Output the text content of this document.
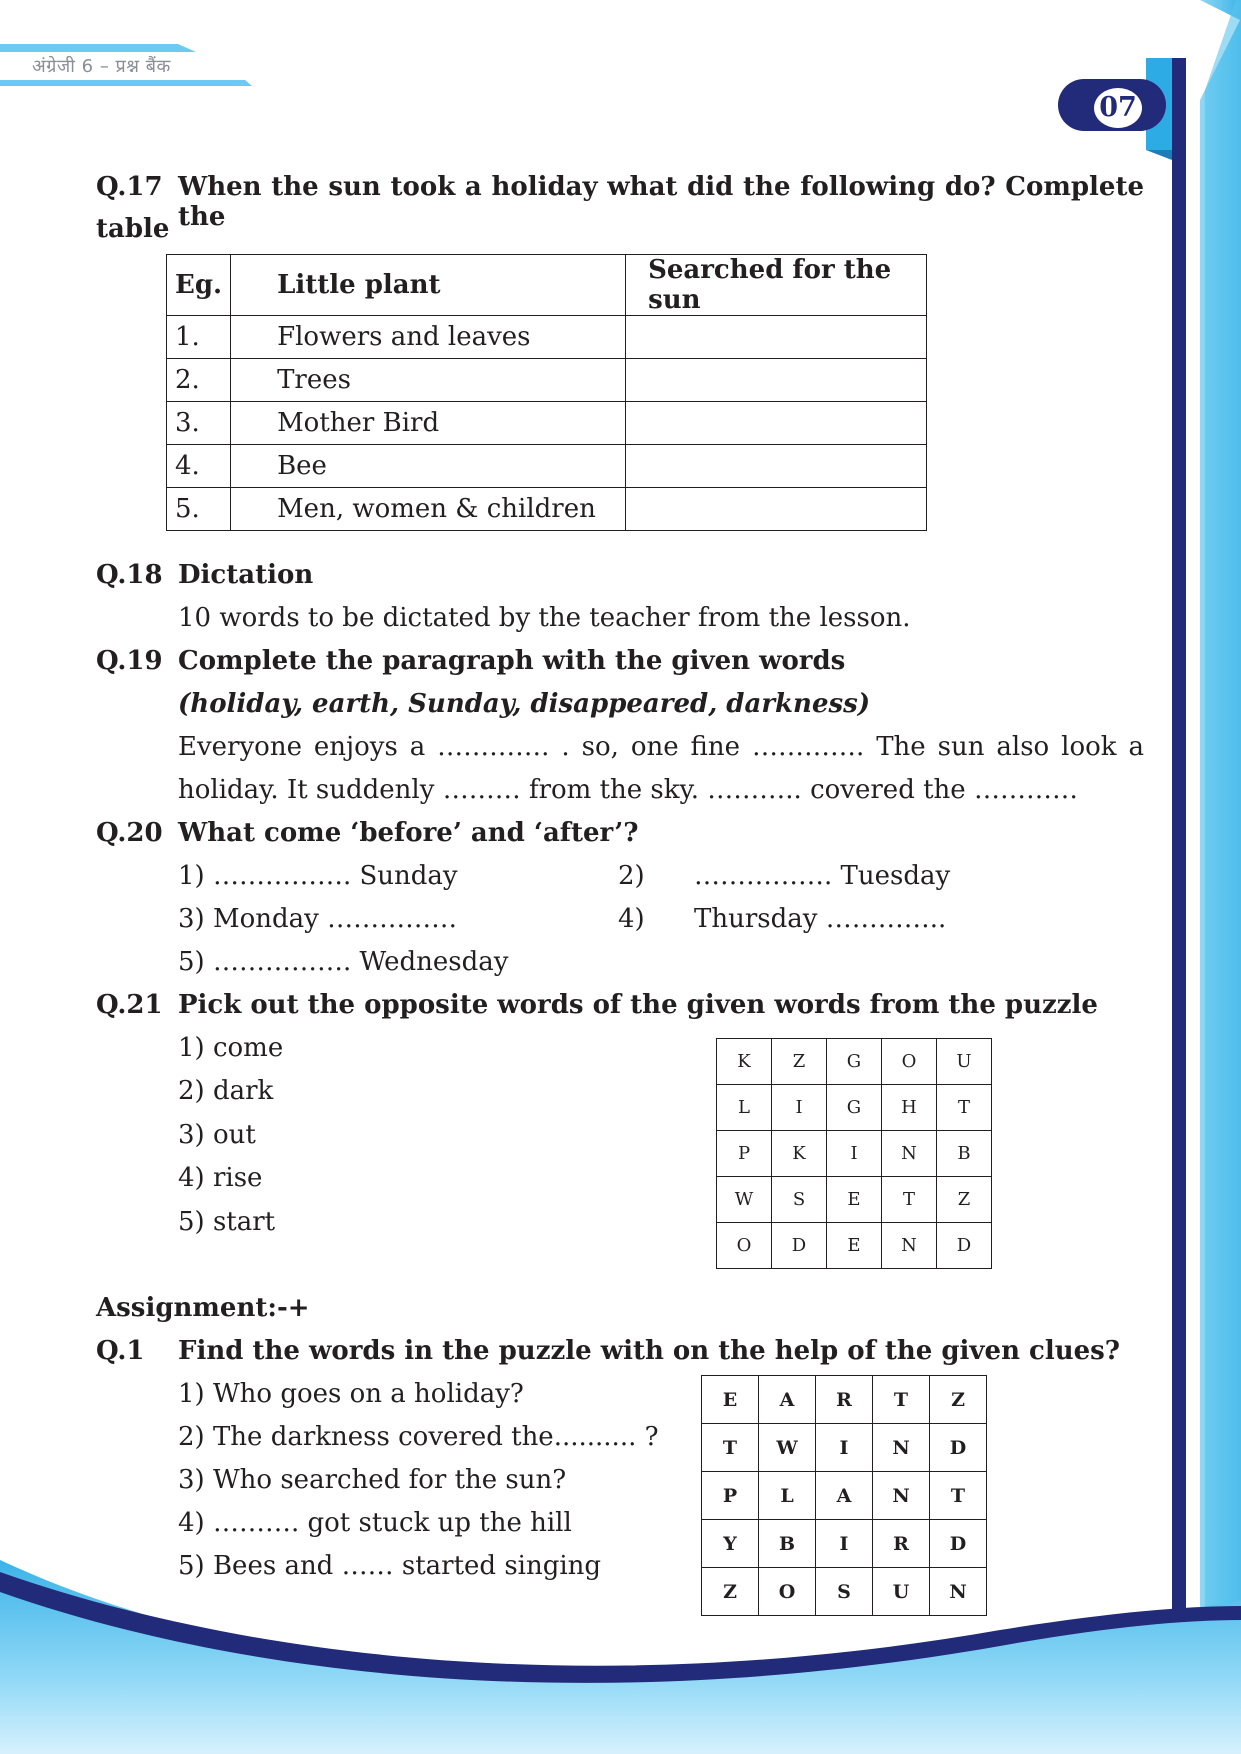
अंग्रेजी 6 – प्रश्न बैंक
07
Q.17 When the sun took a holiday what did the following do? Complete the
table
Eg.	Little plant	Searched for the sun
1.	Flowers and leaves	
2.	Trees	
3.	Mother Bird	
4.	Bee	
5.	Men, women & children	
Q.18 Dictation
10 words to be dictated by the teacher from the lesson.
Q.19 Complete the paragraph with the given words
(holiday, earth, Sunday, disappeared, darkness)
Everyone enjoys a …………. . so, one fine …………. The sun also look a
holiday. It suddenly ……… from the sky. ……….. covered the …………
Q.20 What come ‘before’ and ‘after’?
1) ……………. Sunday	2) ……………. Tuesday
3) Monday ……………	4) Thursday …………..
5) ……………. Wednesday
Q.21 Pick out the opposite words of the given words from the puzzle
1) come
2) dark
3) out
4) rise
5) start
K	Z	G	O	U
L	I	G	H	T
P	K	I	N	B
W	S	E	T	Z
O	D	E	N	D
Assignment:-+
Q.1 Find the words in the puzzle with on the help of the given clues?
1) Who goes on a holiday?
2) The darkness covered the.......... ?
3) Who searched for the sun?
4) ………. got stuck up the hill
5) Bees and …… started singing
E	A	R	T	Z
T	W	I	N	D
P	L	A	N	T
Y	B	I	R	D
Z	O	S	U	N
